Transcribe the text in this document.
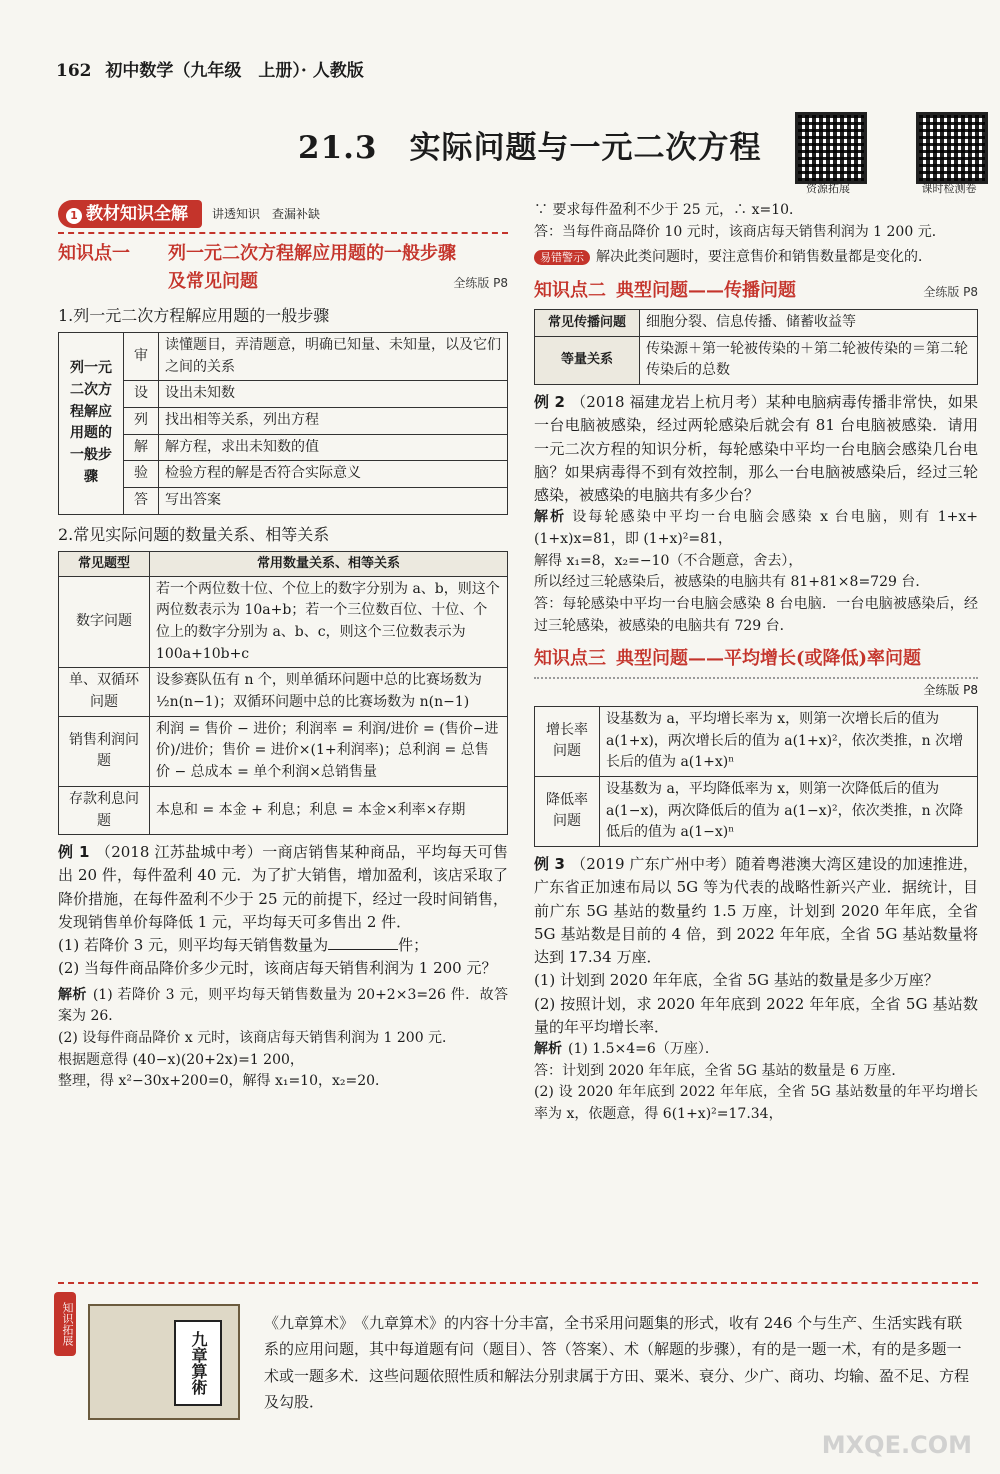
162 初中数学（九年级　上册）· 人教版
21.3　实际问题与一元二次方程
资源拓展	课时检测卷
1 教材知识全解	讲透知识　查漏补缺
知识点一	列一元二次方程解应用题的一般步骤
及常见问题	全练版 P8
1.列一元二次方程解应用题的一般步骤
列一元二次方程解应用题的一般步骤	审	读懂题目，弄清题意，明确已知量、未知量，以及它们之间的关系
	设	设出未知数
	列	找出相等关系，列出方程
	解	解方程，求出未知数的值
	验	检验方程的解是否符合实际意义
	答	写出答案
2.常见实际问题的数量关系、相等关系
常见题型	常用数量关系、相等关系
数字问题	若一个两位数十位、个位上的数字分别为 a、b，则这个两位数表示为 10a+b；若一个三位数百位、十位、个位上的数字分别为 a、b、c，则这个三位数表示为 100a+10b+c
单、双循环问题	设参赛队伍有 n 个，则单循环问题中总的比赛场数为 ½n(n−1)；双循环问题中总的比赛场数为 n(n−1)
销售利润问题	利润 = 售价 − 进价；利润率 = 利润/进价 = (售价−进价)/进价；售价 = 进价×(1+利润率)；总利润 = 总售价 − 总成本 = 单个利润×总销售量
存款利息问题	本息和 = 本金 + 利息；利息 = 本金×利率×存期

例 1 （2018 江苏盐城中考）一商店销售某种商品，平均每天可售出 20 件，每件盈利 40 元．为了扩大销售，增加盈利，该店采取了降价措施，在每件盈利不少于 25 元的前提下，经过一段时间销售，发现销售单价每降低 1 元，平均每天可多售出 2 件．

(1) 若降价 3 元，则平均每天销售数量为	件；

(2) 当每件商品降价多少元时，该商店每天销售利润为 1 200 元？

解析 (1) 若降价 3 元，则平均每天销售数量为 20+2×3=26 件．故答案为 26．

(2) 设每件商品降价 x 元时，该商店每天销售利润为 1 200 元．

根据题意得 (40−x)(20+2x)=1 200，

整理，得 x²−30x+200=0，解得 x₁=10，x₂=20．

∵ 要求每件盈利不少于 25 元，∴ x=10．

答：当每件商品降价 10 元时，该商店每天销售利润为 1 200 元．

易错警示 解决此类问题时，要注意售价和销售数量都是变化的．

知识点二 典型问题——传播问题	全练版 P8
常见传播问题	细胞分裂、信息传播、储蓄收益等
等量关系	传染源＋第一轮被传染的＋第二轮被传染的＝第二轮传染后的总数

例 2 （2018 福建龙岩上杭月考）某种电脑病毒传播非常快，如果一台电脑被感染，经过两轮感染后就会有 81 台电脑被感染．请用一元二次方程的知识分析，每轮感染中平均一台电脑会感染几台电脑？如果病毒得不到有效控制，那么一台电脑被感染后，经过三轮感染，被感染的电脑共有多少台？

解析 设每轮感染中平均一台电脑会感染 x 台电脑，则有 1+x+(1+x)x=81，即 (1+x)²=81，

解得 x₁=8，x₂=−10（不合题意，舍去），

所以经过三轮感染后，被感染的电脑共有 81+81×8=729 台．

答：每轮感染中平均一台电脑会感染 8 台电脑．一台电脑被感染后，经过三轮感染，被感染的电脑共有 729 台．

知识点三 典型问题——平均增长(或降低)率问题
全练版 P8
增长率问题	设基数为 a，平均增长率为 x，则第一次增长后的值为 a(1+x)，两次增长后的值为 a(1+x)²，依次类推，n 次增长后的值为 a(1+x)ⁿ
降低率问题	设基数为 a，平均降低率为 x，则第一次降低后的值为 a(1−x)，两次降低后的值为 a(1−x)²，依次类推，n 次降低后的值为 a(1−x)ⁿ

例 3 （2019 广东广州中考）随着粤港澳大湾区建设的加速推进，广东省正加速布局以 5G 等为代表的战略性新兴产业．据统计，目前广东 5G 基站的数量约 1.5 万座，计划到 2020 年年底，全省 5G 基站数是目前的 4 倍，到 2022 年年底，全省 5G 基站数量将达到 17.34 万座．

(1) 计划到 2020 年年底，全省 5G 基站的数量是多少万座？

(2) 按照计划，求 2020 年年底到 2022 年年底，全省 5G 基站数量的年平均增长率．

解析 (1) 1.5×4=6（万座）．

答：计划到 2020 年年底，全省 5G 基站的数量是 6 万座．

(2) 设 2020 年年底到 2022 年年底，全省 5G 基站数量的年平均增长率为 x，依题意，得 6(1+x)²=17.34，

知识拓展
九章算術
《九章算术》　《九章算术》的内容十分丰富，全书采用问题集的形式，收有 246 个与生产、生活实践有联系的应用问题，其中每道题有问（题目）、答（答案）、术（解题的步骤），有的是一题一术，有的是多题一术或一题多术．这些问题依照性质和解法分别隶属于方田、粟米、衰分、少广、商功、均输、盈不足、方程及勾股．
MXQE.COM
